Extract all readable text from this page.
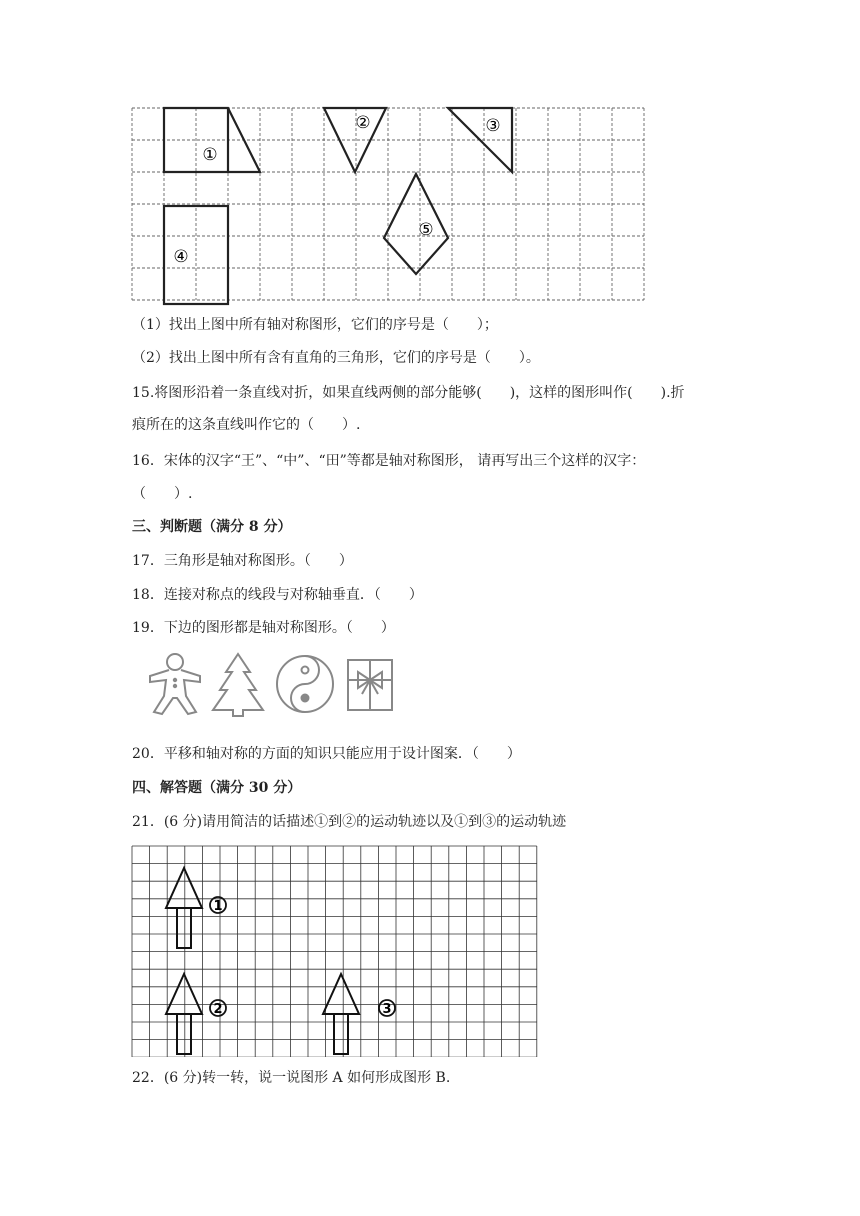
①
②	③
④
⑤
（1）找出上图中所有轴对称图形，它们的序号是（　　）；
（2）找出上图中所有含有直角的三角形，它们的序号是（　　）。
15.将图形沿着一条直线对折，如果直线两侧的部分能够(　　)，这样的图形叫作(　　).折
痕所在的这条直线叫作它的（　　）.
16．宋体的汉字“王”、“中”、“田”等都是轴对称图形， 请再写出三个这样的汉字：
（　　）.
三、判断题（满分 8 分）
17．三角形是轴对称图形。（　　）
18．连接对称点的线段与对称轴垂直．（　　）
19．下边的图形都是轴对称图形。（　　）
20．平移和轴对称的方面的知识只能应用于设计图案．（　　）
四、解答题（满分 30 分）
21．(6 分)请用简洁的话描述①到②的运动轨迹以及①到③的运动轨迹
1
2	3
22．(6 分)转一转，说一说图形 A 如何形成图形 B.
